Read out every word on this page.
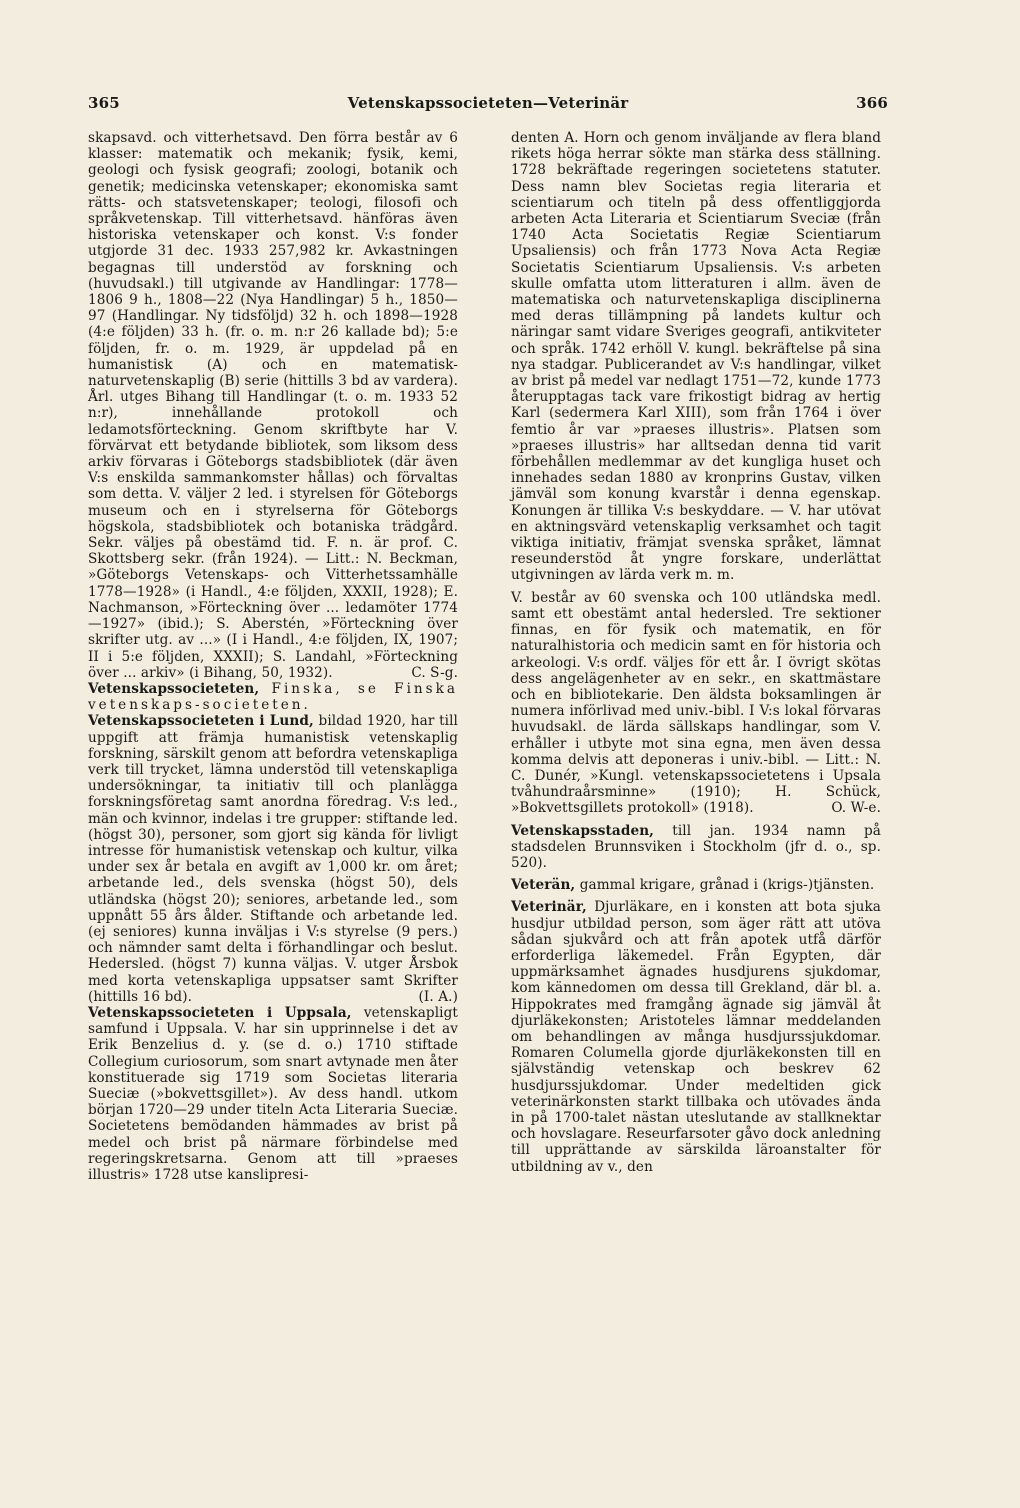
365	Vetenskapssocieteten—Veterinär	366

skapsavd. och vitterhetsavd. Den förra består av 6 klasser: matematik och mekanik; fysik, kemi, geologi och fysisk geografi; zoologi, botanik och genetik; medicinska vetenskaper; ekonomiska samt rätts- och statsvetenskaper; teologi, filosofi och språkvetenskap. Till vitterhetsavd. hänföras även historiska vetenskaper och konst. V:s fonder utgjorde 31 dec. 1933 257,982 kr. Avkastningen begagnas till understöd av forskning och (huvudsakl.) till utgivande av Handlingar: 1778—1806 9 h., 1808—22 (Nya Handlingar) 5 h., 1850—97 (Handlingar. Ny tidsföljd) 32 h. och 1898—1928 (4:e följden) 33 h. (fr. o. m. n:r 26 kallade bd); 5:e följden, fr. o. m. 1929, är uppdelad på en humanistisk (A) och en matematisk-naturvetenskaplig (B) serie (hittills 3 bd av vardera). Årl. utges Bihang till Handlingar (t. o. m. 1933 52 n:r), innehållande protokoll och ledamotsförteckning. Genom skriftbyte har V. förvärvat ett betydande bibliotek, som liksom dess arkiv förvaras i Göteborgs stadsbibliotek (där även V:s enskilda sammankomster hållas) och förvaltas som detta. V. väljer 2 led. i styrelsen för Göteborgs museum och en i styrelserna för Göteborgs högskola, stadsbibliotek och botaniska trädgård. Sekr. väljes på obestämd tid. F. n. är prof. C. Skottsberg sekr. (från 1924). — Litt.: N. Beckman, »Göteborgs Vetenskaps- och Vitterhetssamhälle 1778—1928» (i Handl., 4:e följden, XXXII, 1928); E. Nachmanson, »Förteckning över ... ledamöter 1774—1927» (ibid.); S. Aberstén, »Förteckning över skrifter utg. av ...» (I i Handl., 4:e följden, IX, 1907; II i 5:e följden, XXXII); S. Landahl, »Förteckning över ... arkiv» (i Bihang, 50, 1932).	C. S-g.

Vetenskapssocieteten, Finska, se Finska vetenskaps-societeten.

Vetenskapssocieteten i Lund, bildad 1920, har till uppgift att främja humanistisk vetenskaplig forskning, särskilt genom att befordra vetenskapliga verk till trycket, lämna understöd till vetenskapliga undersökningar, ta initiativ till och planlägga forskningsföretag samt anordna föredrag. V:s led., män och kvinnor, indelas i tre grupper: stiftande led. (högst 30), personer, som gjort sig kända för livligt intresse för humanistisk vetenskap och kultur, vilka under sex år betala en avgift av 1,000 kr. om året; arbetande led., dels svenska (högst 50), dels utländska (högst 20); seniores, arbetande led., som uppnått 55 års ålder. Stiftande och arbetande led. (ej seniores) kunna inväljas i V:s styrelse (9 pers.) och nämnder samt delta i förhandlingar och beslut. Hedersled. (högst 7) kunna väljas. V. utger Årsbok med korta vetenskapliga uppsatser samt Skrifter (hittills 16 bd).	(I. A.)

Vetenskapssocieteten i Uppsala, vetenskapligt samfund i Uppsala. V. har sin upprinnelse i det av Erik Benzelius d. y. (se d. o.) 1710 stiftade Collegium curiosorum, som snart avtynade men åter konstituerade sig 1719 som Societas literaria Sueciæ (»bokvettsgillet»). Av dess handl. utkom början 1720—29 under titeln Acta Literaria Sueciæ. Societetens bemödanden hämmades av brist på medel och brist på närmare förbindelse med regeringskretsarna. Genom att till »praeses illustris» 1728 utse kanslipresi-

denten A. Horn och genom inväljande av flera bland rikets höga herrar sökte man stärka dess ställning. 1728 bekräftade regeringen societetens statuter. Dess namn blev Societas regia literaria et scientiarum och titeln på dess offentliggjorda arbeten Acta Literaria et Scientiarum Sveciæ (från 1740 Acta Societatis Regiæ Scientiarum Upsaliensis) och från 1773 Nova Acta Regiæ Societatis Scientiarum Upsaliensis. V:s arbeten skulle omfatta utom litteraturen i allm. även de matematiska och naturvetenskapliga disciplinerna med deras tillämpning på landets kultur och näringar samt vidare Sveriges geografi, antikviteter och språk. 1742 erhöll V. kungl. bekräftelse på sina nya stadgar. Publicerandet av V:s handlingar, vilket av brist på medel var nedlagt 1751—72, kunde 1773 återupptagas tack vare frikostigt bidrag av hertig Karl (sedermera Karl XIII), som från 1764 i över femtio år var »praeses illustris». Platsen som »praeses illustris» har alltsedan denna tid varit förbehållen medlemmar av det kungliga huset och innehades sedan 1880 av kronprins Gustav, vilken jämväl som konung kvarstår i denna egenskap. Konungen är tillika V:s beskyddare. — V. har utövat en aktningsvärd vetenskaplig verksamhet och tagit viktiga initiativ, främjat svenska språket, lämnat reseunderstöd åt yngre forskare, underlättat utgivningen av lärda verk m. m.

V. består av 60 svenska och 100 utländska medl. samt ett obestämt antal hedersled. Tre sektioner finnas, en för fysik och matematik, en för naturalhistoria och medicin samt en för historia och arkeologi. V:s ordf. väljes för ett år. I övrigt skötas dess angelägenheter av en sekr., en skattmästare och en bibliotekarie. Den äldsta boksamlingen är numera införlivad med univ.-bibl. I V:s lokal förvaras huvudsakl. de lärda sällskaps handlingar, som V. erhåller i utbyte mot sina egna, men även dessa komma delvis att deponeras i univ.-bibl. — Litt.: N. C. Dunér, »Kungl. vetenskapssocietetens i Upsala tvåhundraårsminne» (1910); H. Schück, »Bokvettsgillets protokoll» (1918).	O. W-e.

Vetenskapsstaden, till jan. 1934 namn på stadsdelen Brunnsviken i Stockholm (jfr d. o., sp. 520).

Veterän, gammal krigare, grånad i (krigs-)tjänsten.

Veterinär, Djurläkare, en i konsten att bota sjuka husdjur utbildad person, som äger rätt att utöva sådan sjukvård och att från apotek utfå därför erforderliga läkemedel. Från Egypten, där uppmärksamhet ägnades husdjurens sjukdomar, kom kännedomen om dessa till Grekland, där bl. a. Hippokrates med framgång ägnade sig jämväl åt djurläkekonsten; Aristoteles lämnar meddelanden om behandlingen av många husdjurssjukdomar. Romaren Columella gjorde djurläkekonsten till en självständig vetenskap och beskrev 62 husdjurssjukdomar. Under medeltiden gick veterinärkonsten starkt tillbaka och utövades ända in på 1700-talet nästan uteslutande av stallknektar och hovslagare. Reseurfarsoter gåvo dock anledning till upprättande av särskilda läroanstalter för utbildning av v., den
